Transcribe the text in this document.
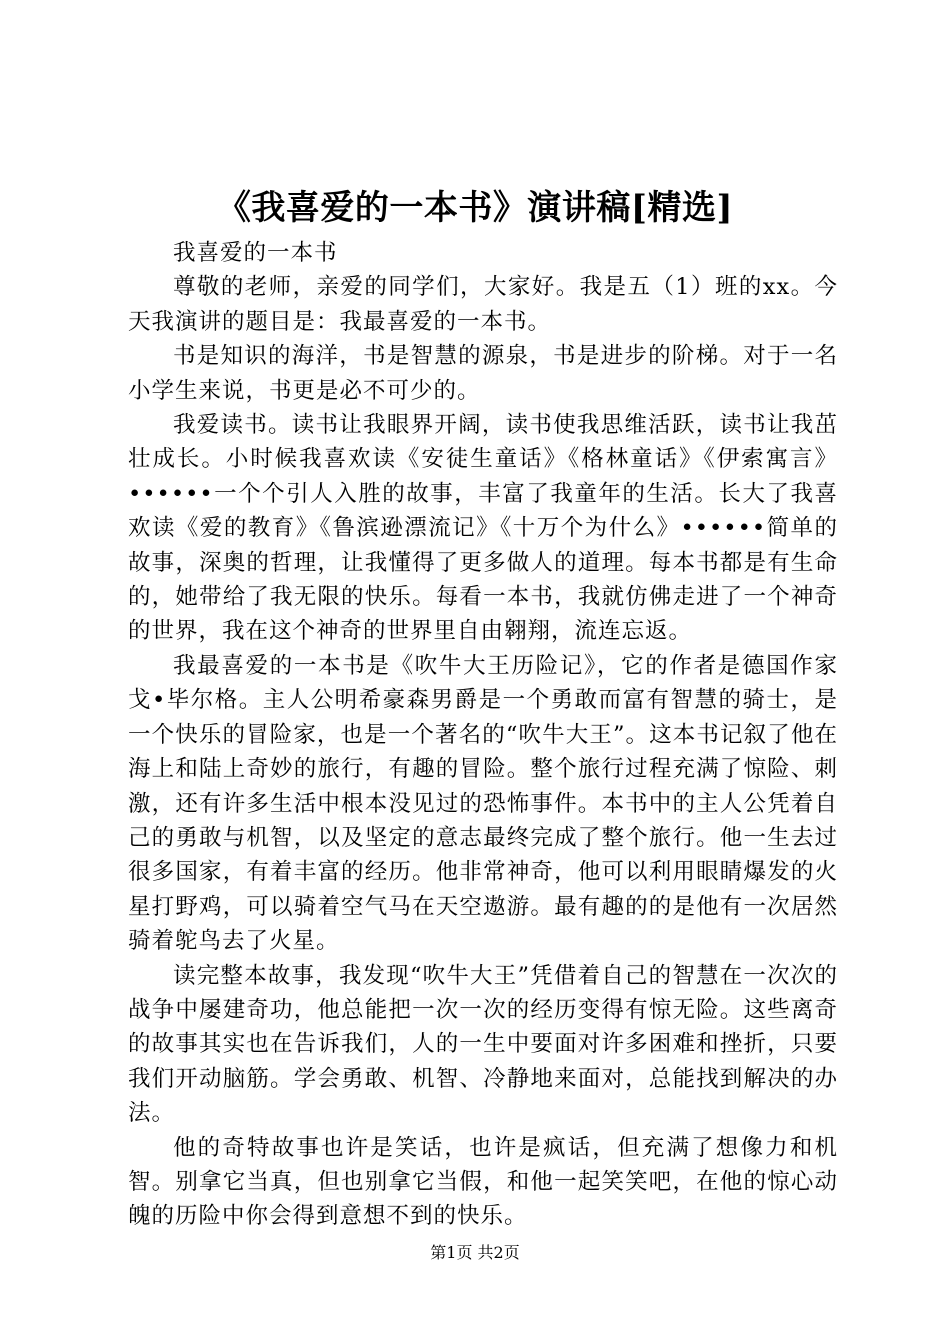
《我喜爱的一本书》演讲稿[精选]

我喜爱的一本书

尊敬的老师，亲爱的同学们，大家好。我是五（1）班的xx。今天我演讲的题目是：我最喜爱的一本书。

书是知识的海洋，书是智慧的源泉，书是进步的阶梯。对于一名小学生来说，书更是必不可少的。

我爱读书。读书让我眼界开阔，读书使我思维活跃，读书让我茁壮成长。小时候我喜欢读《安徒生童话》《格林童话》《伊索寓言》••••••一个个引人入胜的故事，丰富了我童年的生活。长大了我喜欢读《爱的教育》《鲁滨逊漂流记》《十万个为什么》••••••简单的故事，深奥的哲理，让我懂得了更多做人的道理。每本书都是有生命的，她带给了我无限的快乐。每看一本书，我就仿佛走进了一个神奇的世界，我在这个神奇的世界里自由翱翔，流连忘返。

我最喜爱的一本书是《吹牛大王历险记》，它的作者是德国作家戈•毕尔格。主人公明希豪森男爵是一个勇敢而富有智慧的骑士，是一个快乐的冒险家，也是一个著名的“吹牛大王”。这本书记叙了他在海上和陆上奇妙的旅行，有趣的冒险。整个旅行过程充满了惊险、刺激，还有许多生活中根本没见过的恐怖事件。本书中的主人公凭着自己的勇敢与机智，以及坚定的意志最终完成了整个旅行。他一生去过很多国家，有着丰富的经历。他非常神奇，他可以利用眼睛爆发的火星打野鸡，可以骑着空气马在天空遨游。最有趣的的是他有一次居然骑着鸵鸟去了火星。

读完整本故事，我发现“吹牛大王”凭借着自己的智慧在一次次的战争中屡建奇功，他总能把一次一次的经历变得有惊无险。这些离奇的故事其实也在告诉我们，人的一生中要面对许多困难和挫折，只要我们开动脑筋。学会勇敢、机智、冷静地来面对，总能找到解决的办法。

他的奇特故事也许是笑话，也许是疯话，但充满了想像力和机智。别拿它当真，但也别拿它当假，和他一起笑笑吧，在他的惊心动魄的历险中你会得到意想不到的快乐。

第1页 共2页
